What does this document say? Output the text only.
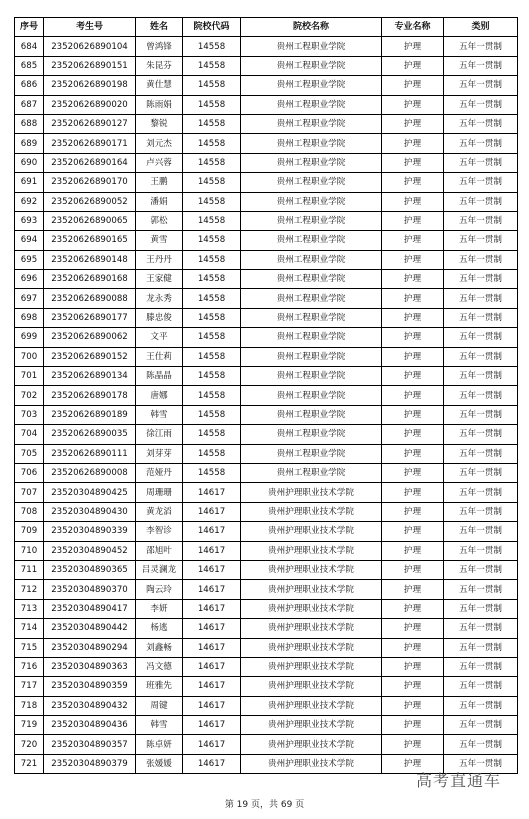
序号	考生号	姓名	院校代码	院校名称	专业名称	类别
684	23520626890104	曾鸿锋	14558	贵州工程职业学院	护理	五年一贯制
685	23520626890151	朱昆芬	14558	贵州工程职业学院	护理	五年一贯制
686	23520626890198	黄仕慧	14558	贵州工程职业学院	护理	五年一贯制
687	23520626890020	陈雨娟	14558	贵州工程职业学院	护理	五年一贯制
688	23520626890127	黎锐	14558	贵州工程职业学院	护理	五年一贯制
689	23520626890171	刘元杰	14558	贵州工程职业学院	护理	五年一贯制
690	23520626890164	卢兴蓉	14558	贵州工程职业学院	护理	五年一贯制
691	23520626890170	王鹏	14558	贵州工程职业学院	护理	五年一贯制
692	23520626890052	潘娟	14558	贵州工程职业学院	护理	五年一贯制
693	23520626890065	郭松	14558	贵州工程职业学院	护理	五年一贯制
694	23520626890165	黄雪	14558	贵州工程职业学院	护理	五年一贯制
695	23520626890148	王丹丹	14558	贵州工程职业学院	护理	五年一贯制
696	23520626890168	王家健	14558	贵州工程职业学院	护理	五年一贯制
697	23520626890088	龙永秀	14558	贵州工程职业学院	护理	五年一贯制
698	23520626890177	滕忠俊	14558	贵州工程职业学院	护理	五年一贯制
699	23520626890062	文平	14558	贵州工程职业学院	护理	五年一贯制
700	23520626890152	王仕莉	14558	贵州工程职业学院	护理	五年一贯制
701	23520626890134	陈晶晶	14558	贵州工程职业学院	护理	五年一贯制
702	23520626890178	唐娜	14558	贵州工程职业学院	护理	五年一贯制
703	23520626890189	韩雪	14558	贵州工程职业学院	护理	五年一贯制
704	23520626890035	徐江雨	14558	贵州工程职业学院	护理	五年一贯制
705	23520626890111	刘芽芽	14558	贵州工程职业学院	护理	五年一贯制
706	23520626890008	范娅丹	14558	贵州工程职业学院	护理	五年一贯制
707	23520304890425	周珊珊	14617	贵州护理职业技术学院	护理	五年一贯制
708	23520304890430	黄龙滔	14617	贵州护理职业技术学院	护理	五年一贯制
709	23520304890339	李智诊	14617	贵州护理职业技术学院	护理	五年一贯制
710	23520304890452	邵旭叶	14617	贵州护理职业技术学院	护理	五年一贯制
711	23520304890365	吕灵澜龙	14617	贵州护理职业技术学院	护理	五年一贯制
712	23520304890370	陶云玲	14617	贵州护理职业技术学院	护理	五年一贯制
713	23520304890417	李妍	14617	贵州护理职业技术学院	护理	五年一贯制
714	23520304890442	杨逃	14617	贵州护理职业技术学院	护理	五年一贯制
715	23520304890294	刘鑫畅	14617	贵州护理职业技术学院	护理	五年一贯制
716	23520304890363	冯文德	14617	贵州护理职业技术学院	护理	五年一贯制
717	23520304890359	班雅先	14617	贵州护理职业技术学院	护理	五年一贯制
718	23520304890432	周键	14617	贵州护理职业技术学院	护理	五年一贯制
719	23520304890436	韩雪	14617	贵州护理职业技术学院	护理	五年一贯制
720	23520304890357	陈卓妍	14617	贵州护理职业技术学院	护理	五年一贯制
721	23520304890379	张媛媛	14617	贵州护理职业技术学院	护理	五年一贯制
高考直通车
第 19 页，共 69 页
